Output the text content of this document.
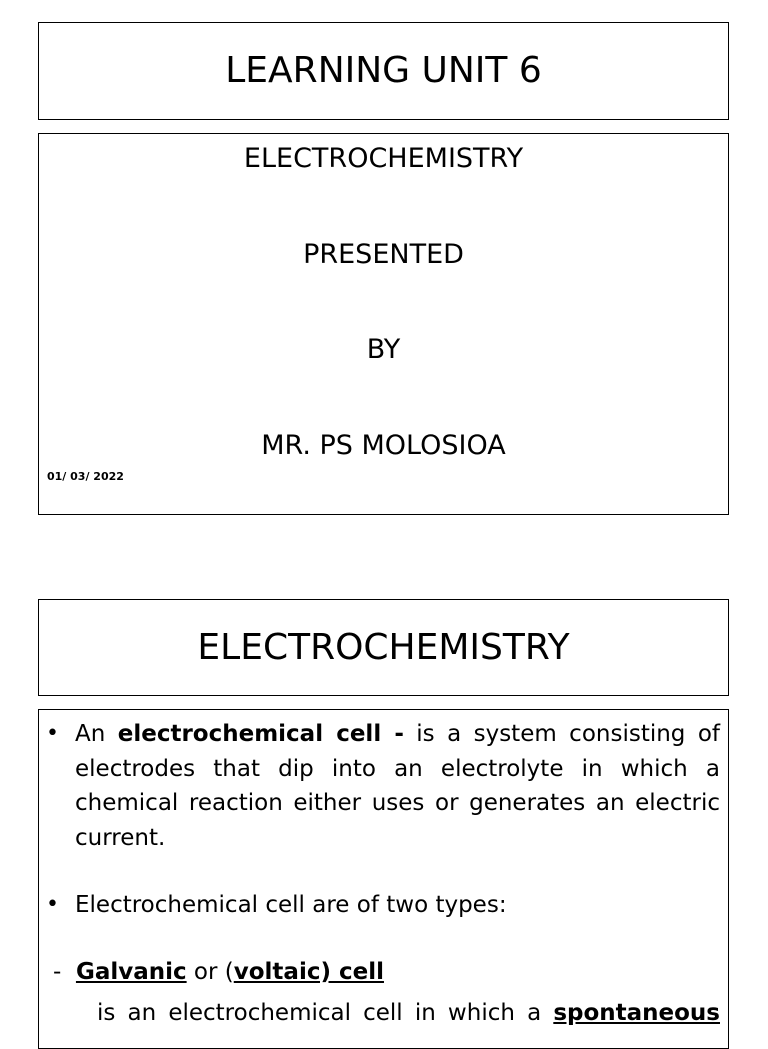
LEARNING UNIT 6
ELECTROCHEMISTRY
PRESENTED
BY
MR. PS MOLOSIOA
01/ 03/ 2022
ELECTROCHEMISTRY
• An electrochemical cell - is a system consisting of electrodes that dip into an electrolyte in which a chemical reaction either uses or generates an electric current.
• Electrochemical cell are of two types:
- Galvanic or (voltaic) cell
is an electrochemical cell in which a spontaneous
